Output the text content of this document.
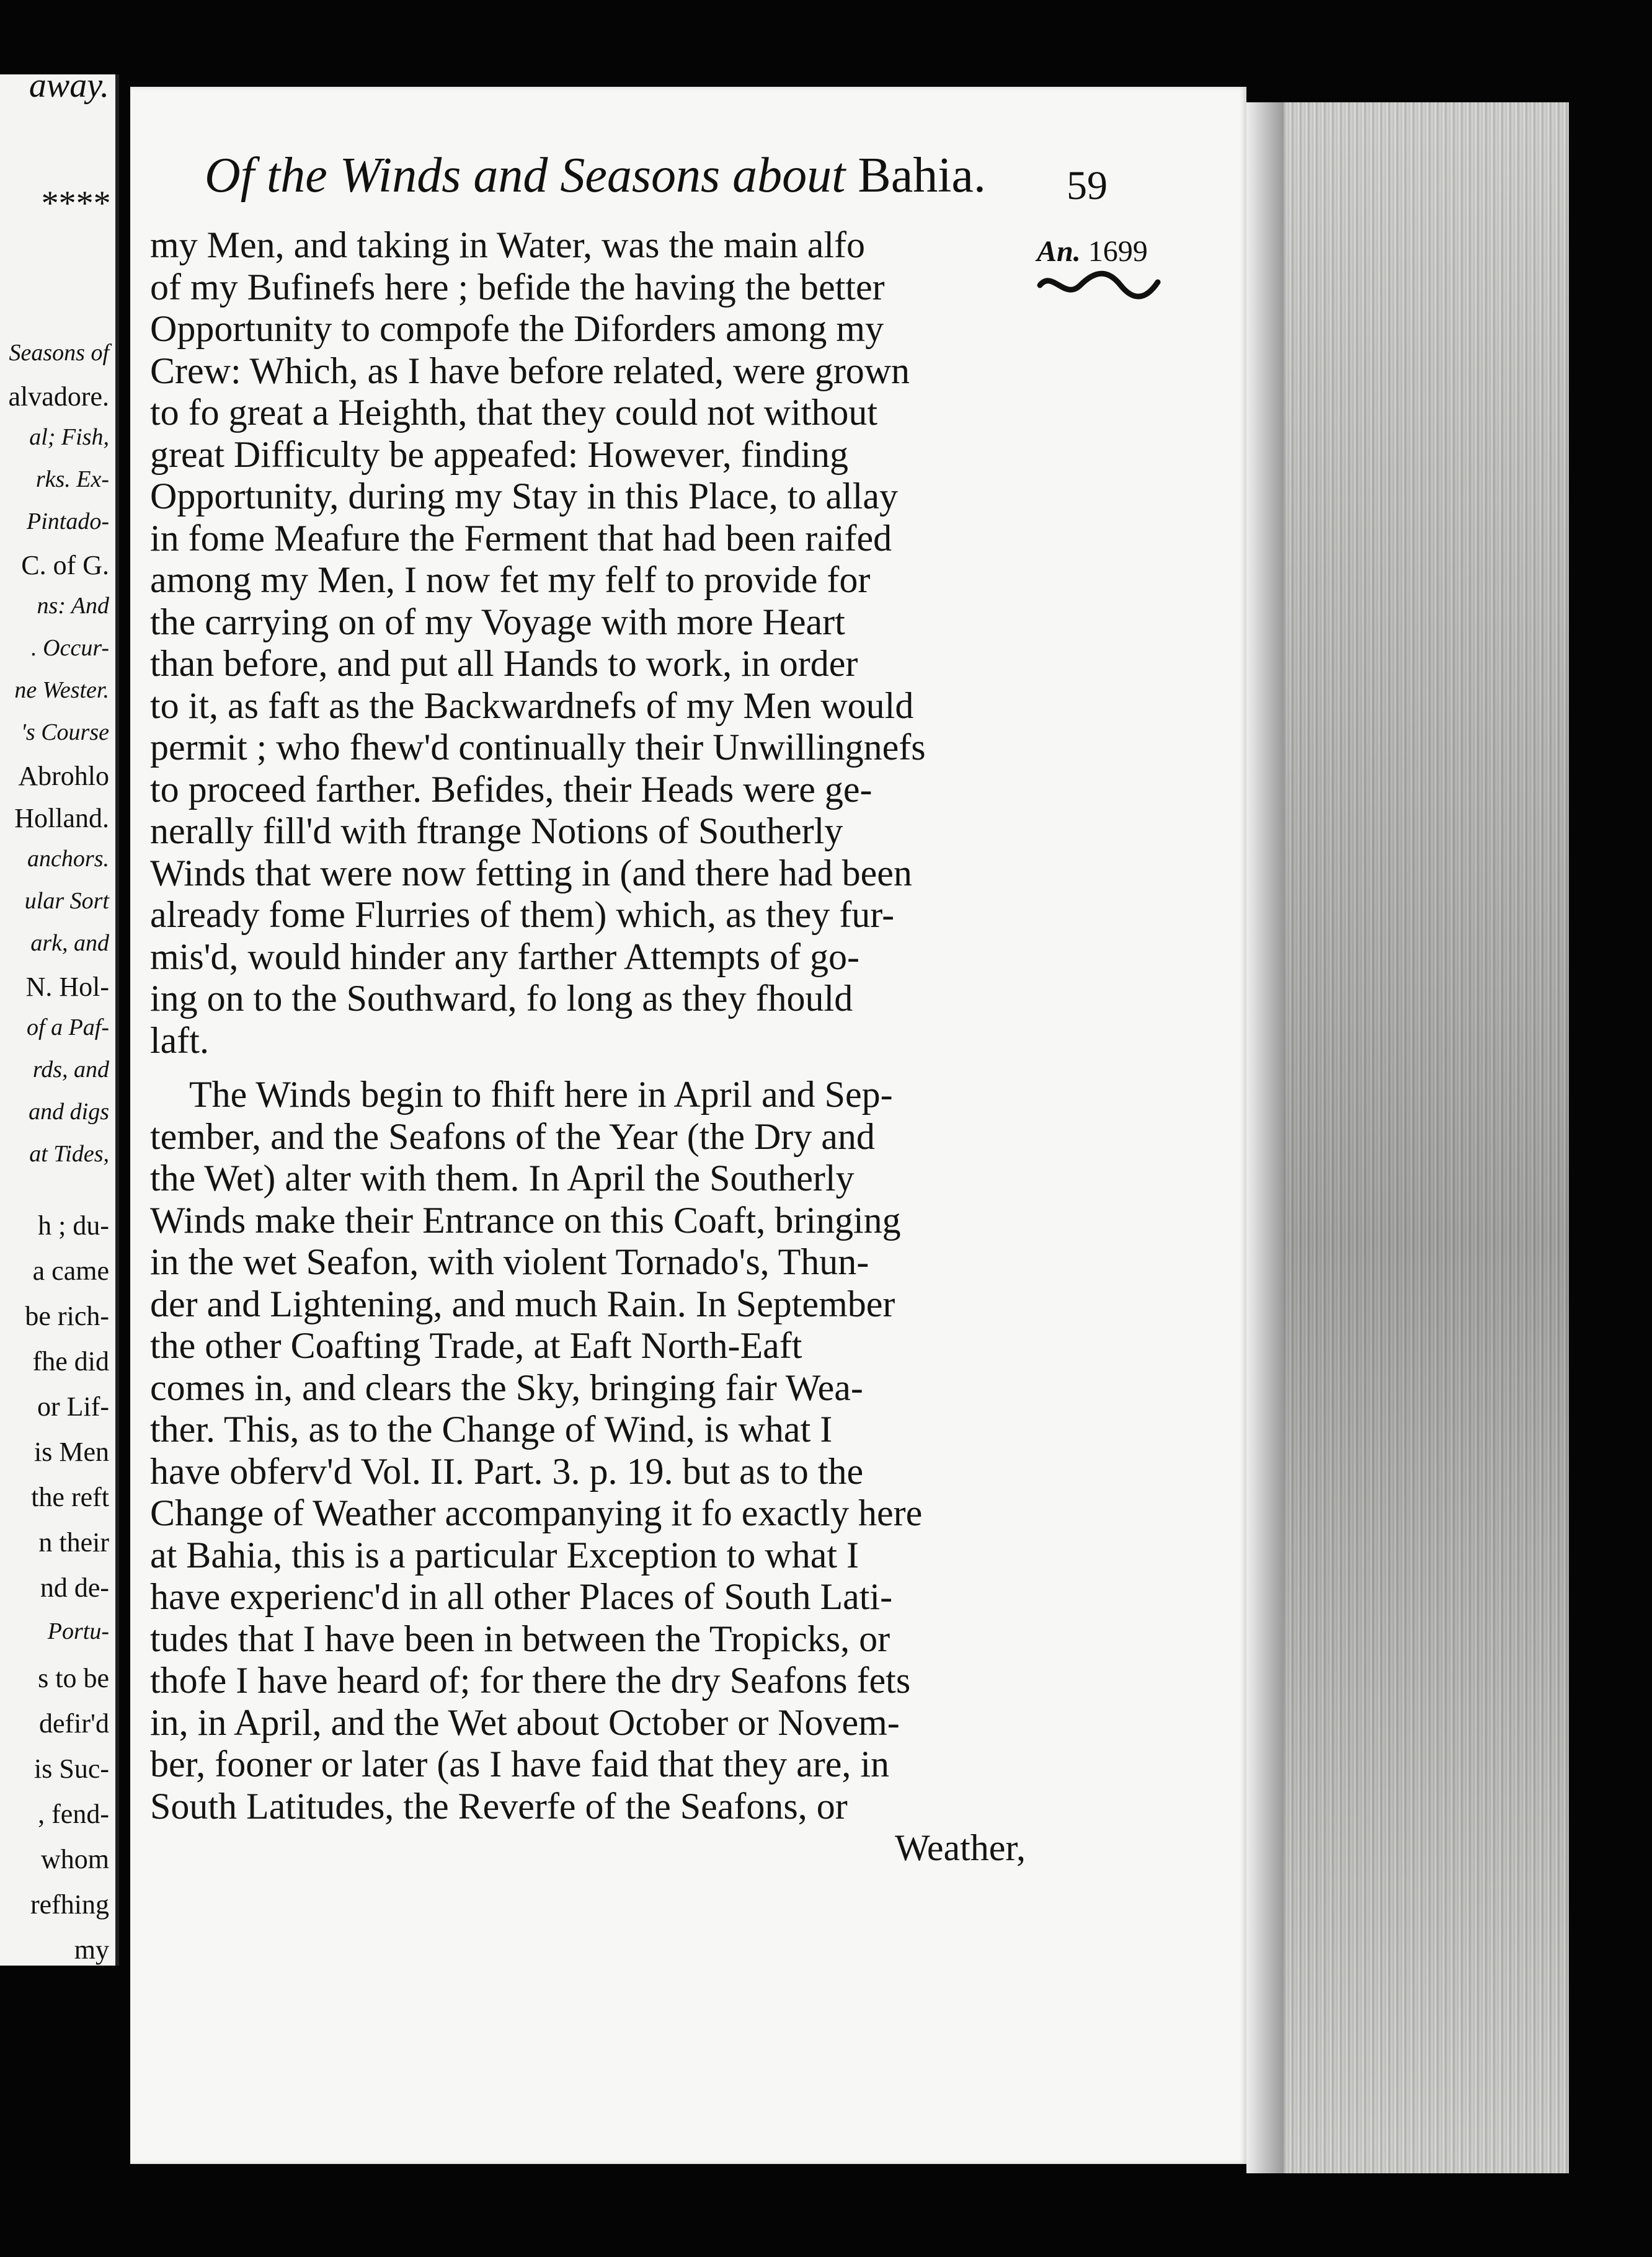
away.
****
Seasons of
alvadore.
al; Fish,
rks. Ex-
Pintado-
C. of G.
ns: And
. Occur-
ne Wester.
's Course
Abrohlo
Holland.
anchors.
ular Sort
ark, and
N. Hol-
of a Paf-
rds, and
and digs
at Tides,
h ; du-
a came
be rich-
fhe did
or Lif-
is Men
the reft
n their
nd de-
Portu-
s to be
defir'd
is Suc-
, fend-
whom
refhing
my
Of the Winds and Seasons about Bahia. 59
An. 1699
my Men, and taking in Water, was the main alfo
of my Bufinefs here ; befide the having the better
Opportunity to compofe the Diforders among my
Crew: Which, as I have before related, were grown
to fo great a Heighth, that they could not without
great Difficulty be appeafed: However, finding
Opportunity, during my Stay in this Place, to allay
in fome Meafure the Ferment that had been raifed
among my Men, I now fet my felf to provide for
the carrying on of my Voyage with more Heart
than before, and put all Hands to work, in order
to it, as faft as the Backwardnefs of my Men would
permit ; who fhew'd continually their Unwillingnefs
to proceed farther. Befides, their Heads were ge-
nerally fill'd with ftrange Notions of Southerly
Winds that were now fetting in (and there had been
already fome Flurries of them) which, as they fur-
mis'd, would hinder any farther Attempts of go-
ing on to the Southward, fo long as they fhould
laft.
The Winds begin to fhift here in April and Sep-
tember, and the Seafons of the Year (the Dry and
the Wet) alter with them. In April the Southerly
Winds make their Entrance on this Coaft, bringing
in the wet Seafon, with violent Tornado's, Thun-
der and Lightening, and much Rain. In September
the other Coafting Trade, at Eaft North-Eaft
comes in, and clears the Sky, bringing fair Wea-
ther. This, as to the Change of Wind, is what I
have obferv'd Vol. II. Part. 3. p. 19. but as to the
Change of Weather accompanying it fo exactly here
at Bahia, this is a particular Exception to what I
have experienc'd in all other Places of South Lati-
tudes that I have been in between the Tropicks, or
thofe I have heard of; for there the dry Seafons fets
in, in April, and the Wet about October or Novem-
ber, fooner or later (as I have faid that they are, in
South Latitudes, the Reverfe of the Seafons, or
Weather,
